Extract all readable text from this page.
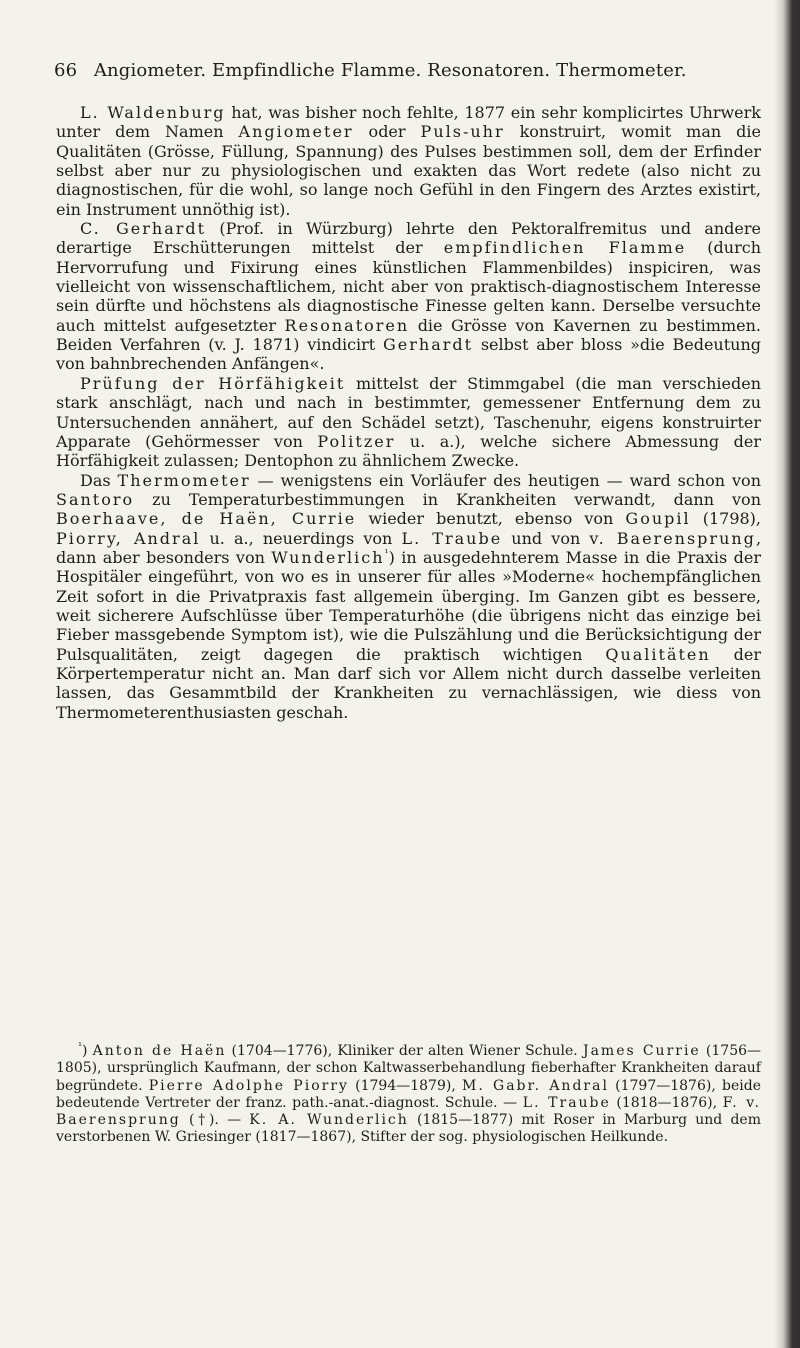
66 Angiometer. Empfindliche Flamme. Resonatoren. Thermometer.

L. Waldenburg hat, was bisher noch fehlte, 1877 ein sehr komplicirtes Uhrwerk unter dem Namen Angiometer oder Puls-uhr konstruirt, womit man die Qualitäten (Grösse, Füllung, Spannung) des Pulses bestimmen soll, dem der Erfinder selbst aber nur zu physiologischen und exakten das Wort redete (also nicht zu diagnostischen, für die wohl, so lange noch Gefühl in den Fingern des Arztes existirt, ein Instrument unnöthig ist).

C. Gerhardt (Prof. in Würzburg) lehrte den Pektoralfremitus und andere derartige Erschütterungen mittelst der empfindlichen Flamme (durch Hervorrufung und Fixirung eines künstlichen Flammenbildes) inspiciren, was vielleicht von wissenschaftlichem, nicht aber von praktisch-diagnostischem Interesse sein dürfte und höchstens als diagnostische Finesse gelten kann. Derselbe versuchte auch mittelst aufgesetzter Resonatoren die Grösse von Kavernen zu bestimmen. Beiden Verfahren (v. J. 1871) vindicirt Gerhardt selbst aber bloss »die Bedeutung von bahnbrechenden Anfängen«.

Prüfung der Hörfähigkeit mittelst der Stimmgabel (die man verschieden stark anschlägt, nach und nach in bestimmter, gemessener Entfernung dem zu Untersuchenden annähert, auf den Schädel setzt), Taschenuhr, eigens konstruirter Apparate (Gehörmesser von Politzer u. a.), welche sichere Abmessung der Hörfähigkeit zulassen; Dentophon zu ähnlichem Zwecke.

Das Thermometer — wenigstens ein Vorläufer des heutigen — ward schon von Santoro zu Temperaturbestimmungen in Krankheiten verwandt, dann von Boerhaave, de Haën, Currie wieder benutzt, ebenso von Goupil (1798), Piorry, Andral u. a., neuerdings von L. Traube und von v. Baerensprung, dann aber besonders von Wunderlich$^{^1}$) in ausgedehnterem Masse in die Praxis der Hospitäler eingeführt, von wo es in unserer für alles »Moderne« hochempfänglichen Zeit sofort in die Privatpraxis fast allgemein überging. Im Ganzen gibt es bessere, weit sicherere Aufschlüsse über Temperaturhöhe (die übrigens nicht das einzige bei Fieber massgebende Symptom ist), wie die Pulszählung und die Berücksichtigung der Pulsqualitäten, zeigt dagegen die praktisch wichtigen Qualitäten der Körpertemperatur nicht an. Man darf sich vor Allem nicht durch dasselbe verleiten lassen, das Gesammtbild der Krankheiten zu vernachlässigen, wie diess von Thermometerenthusiasten geschah.

$^{^1}$) Anton de Haën (1704—1776), Kliniker der alten Wiener Schule. James Currie (1756—1805), ursprünglich Kaufmann, der schon Kaltwasserbehandlung fieberhafter Krankheiten darauf begründete. Pierre Adolphe Piorry (1794—1879), M. Gabr. Andral (1797—1876), beide bedeutende Vertreter der franz. path.-anat.-diagnost. Schule. — L. Traube (1818—1876), F. v. Baerensprung (†). — K. A. Wunderlich (1815—1877) mit Roser in Marburg und dem verstorbenen W. Griesinger (1817—1867), Stifter der sog. physiologischen Heilkunde.
